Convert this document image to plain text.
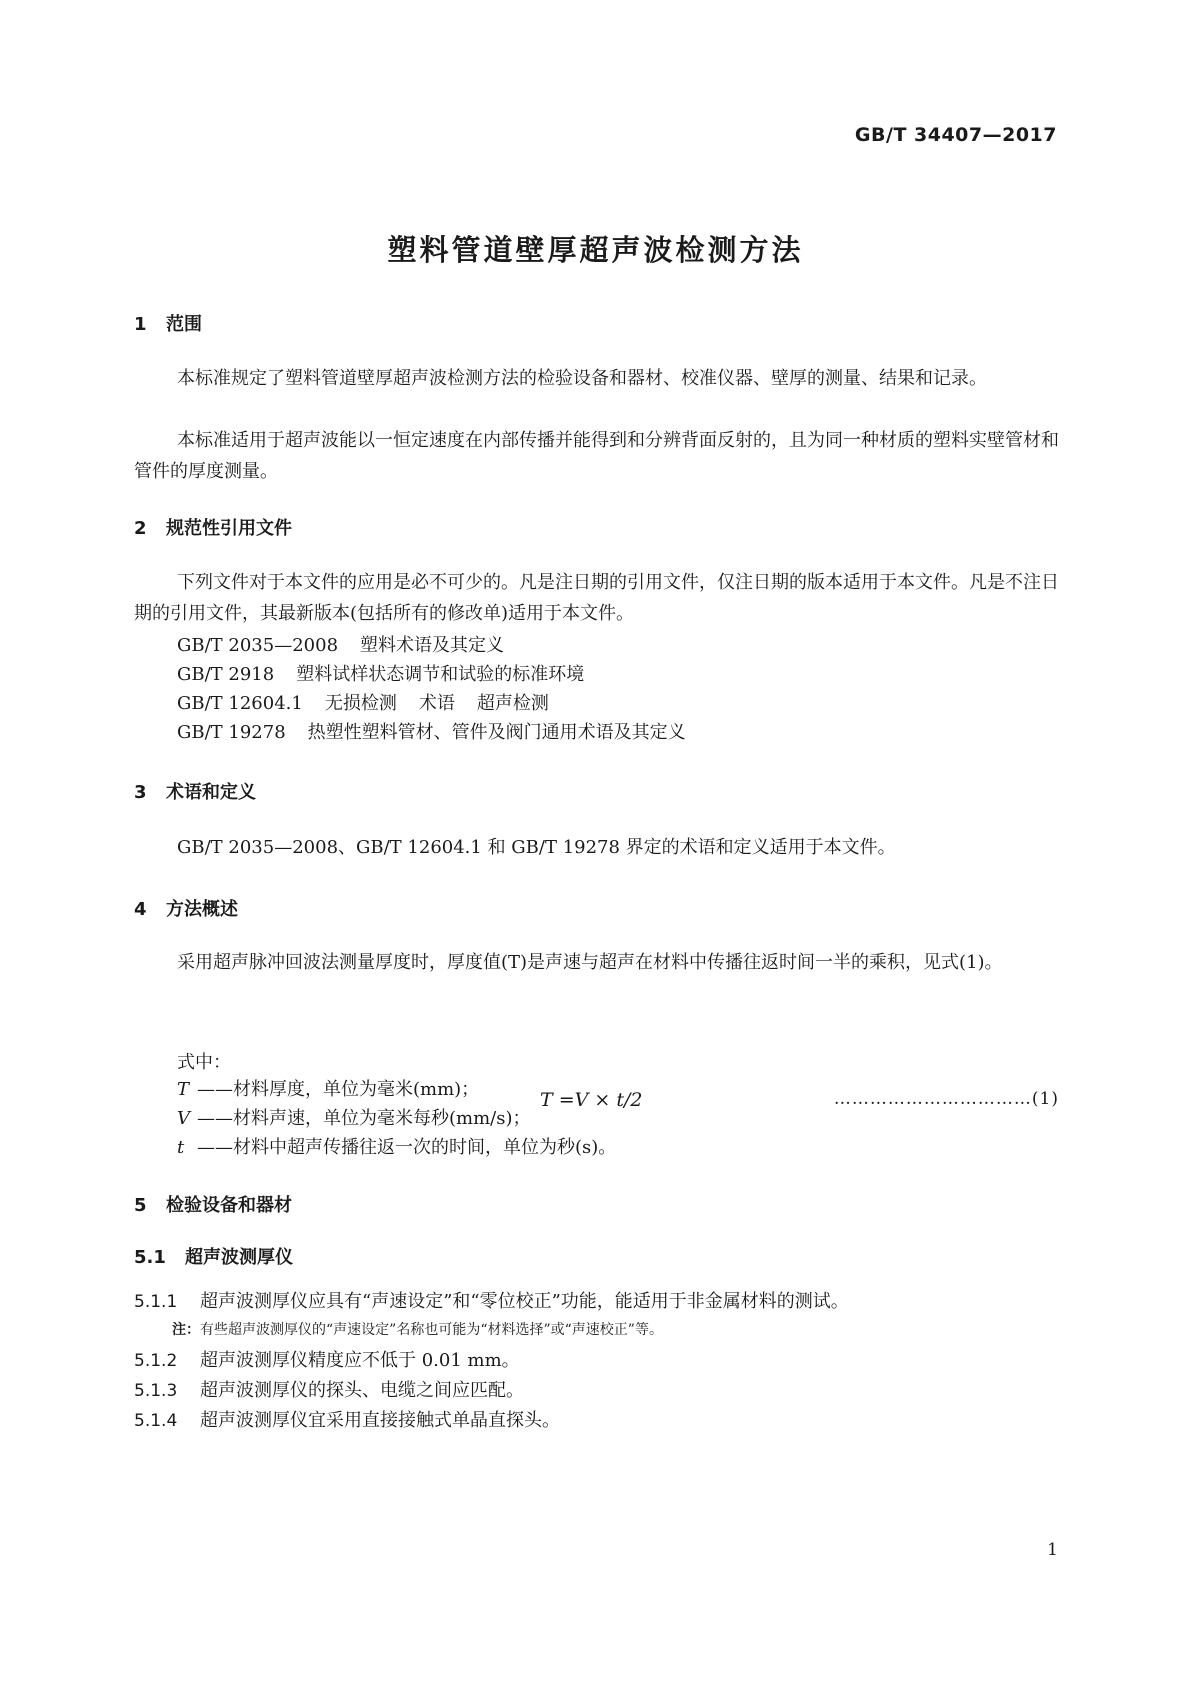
GB/T 34407—2017
塑料管道壁厚超声波检测方法
1 范围
本标准规定了塑料管道壁厚超声波检测方法的检验设备和器材、校准仪器、壁厚的测量、结果和记录。
本标准适用于超声波能以一恒定速度在内部传播并能得到和分辨背面反射的，且为同一种材质的塑料实壁管材和管件的厚度测量。
2 规范性引用文件
下列文件对于本文件的应用是必不可少的。凡是注日期的引用文件，仅注日期的版本适用于本文件。凡是不注日期的引用文件，其最新版本(包括所有的修改单)适用于本文件。
GB/T 2035—2008 塑料术语及其定义
GB/T 2918 塑料试样状态调节和试验的标准环境
GB/T 12604.1 无损检测 术语 超声检测
GB/T 19278 热塑性塑料管材、管件及阀门通用术语及其定义
3 术语和定义
GB/T 2035—2008、GB/T 12604.1 和 GB/T 19278 界定的术语和定义适用于本文件。
4 方法概述
采用超声脉冲回波法测量厚度时，厚度值(T)是声速与超声在材料中传播往返时间一半的乘积，见式(1)。
T =V × t/2	……………………………(1)
式中：
T ——材料厚度，单位为毫米(mm)；
V ——材料声速，单位为毫米每秒(mm/s)；
t ——材料中超声传播往返一次的时间，单位为秒(s)。
5 检验设备和器材
5.1 超声波测厚仪
5.1.1 超声波测厚仪应具有“声速设定”和“零位校正”功能，能适用于非金属材料的测试。
注：有些超声波测厚仪的“声速设定”名称也可能为“材料选择”或“声速校正”等。
5.1.2 超声波测厚仪精度应不低于 0.01 mm。
5.1.3 超声波测厚仪的探头、电缆之间应匹配。
5.1.4 超声波测厚仪宜采用直接接触式单晶直探头。
1
